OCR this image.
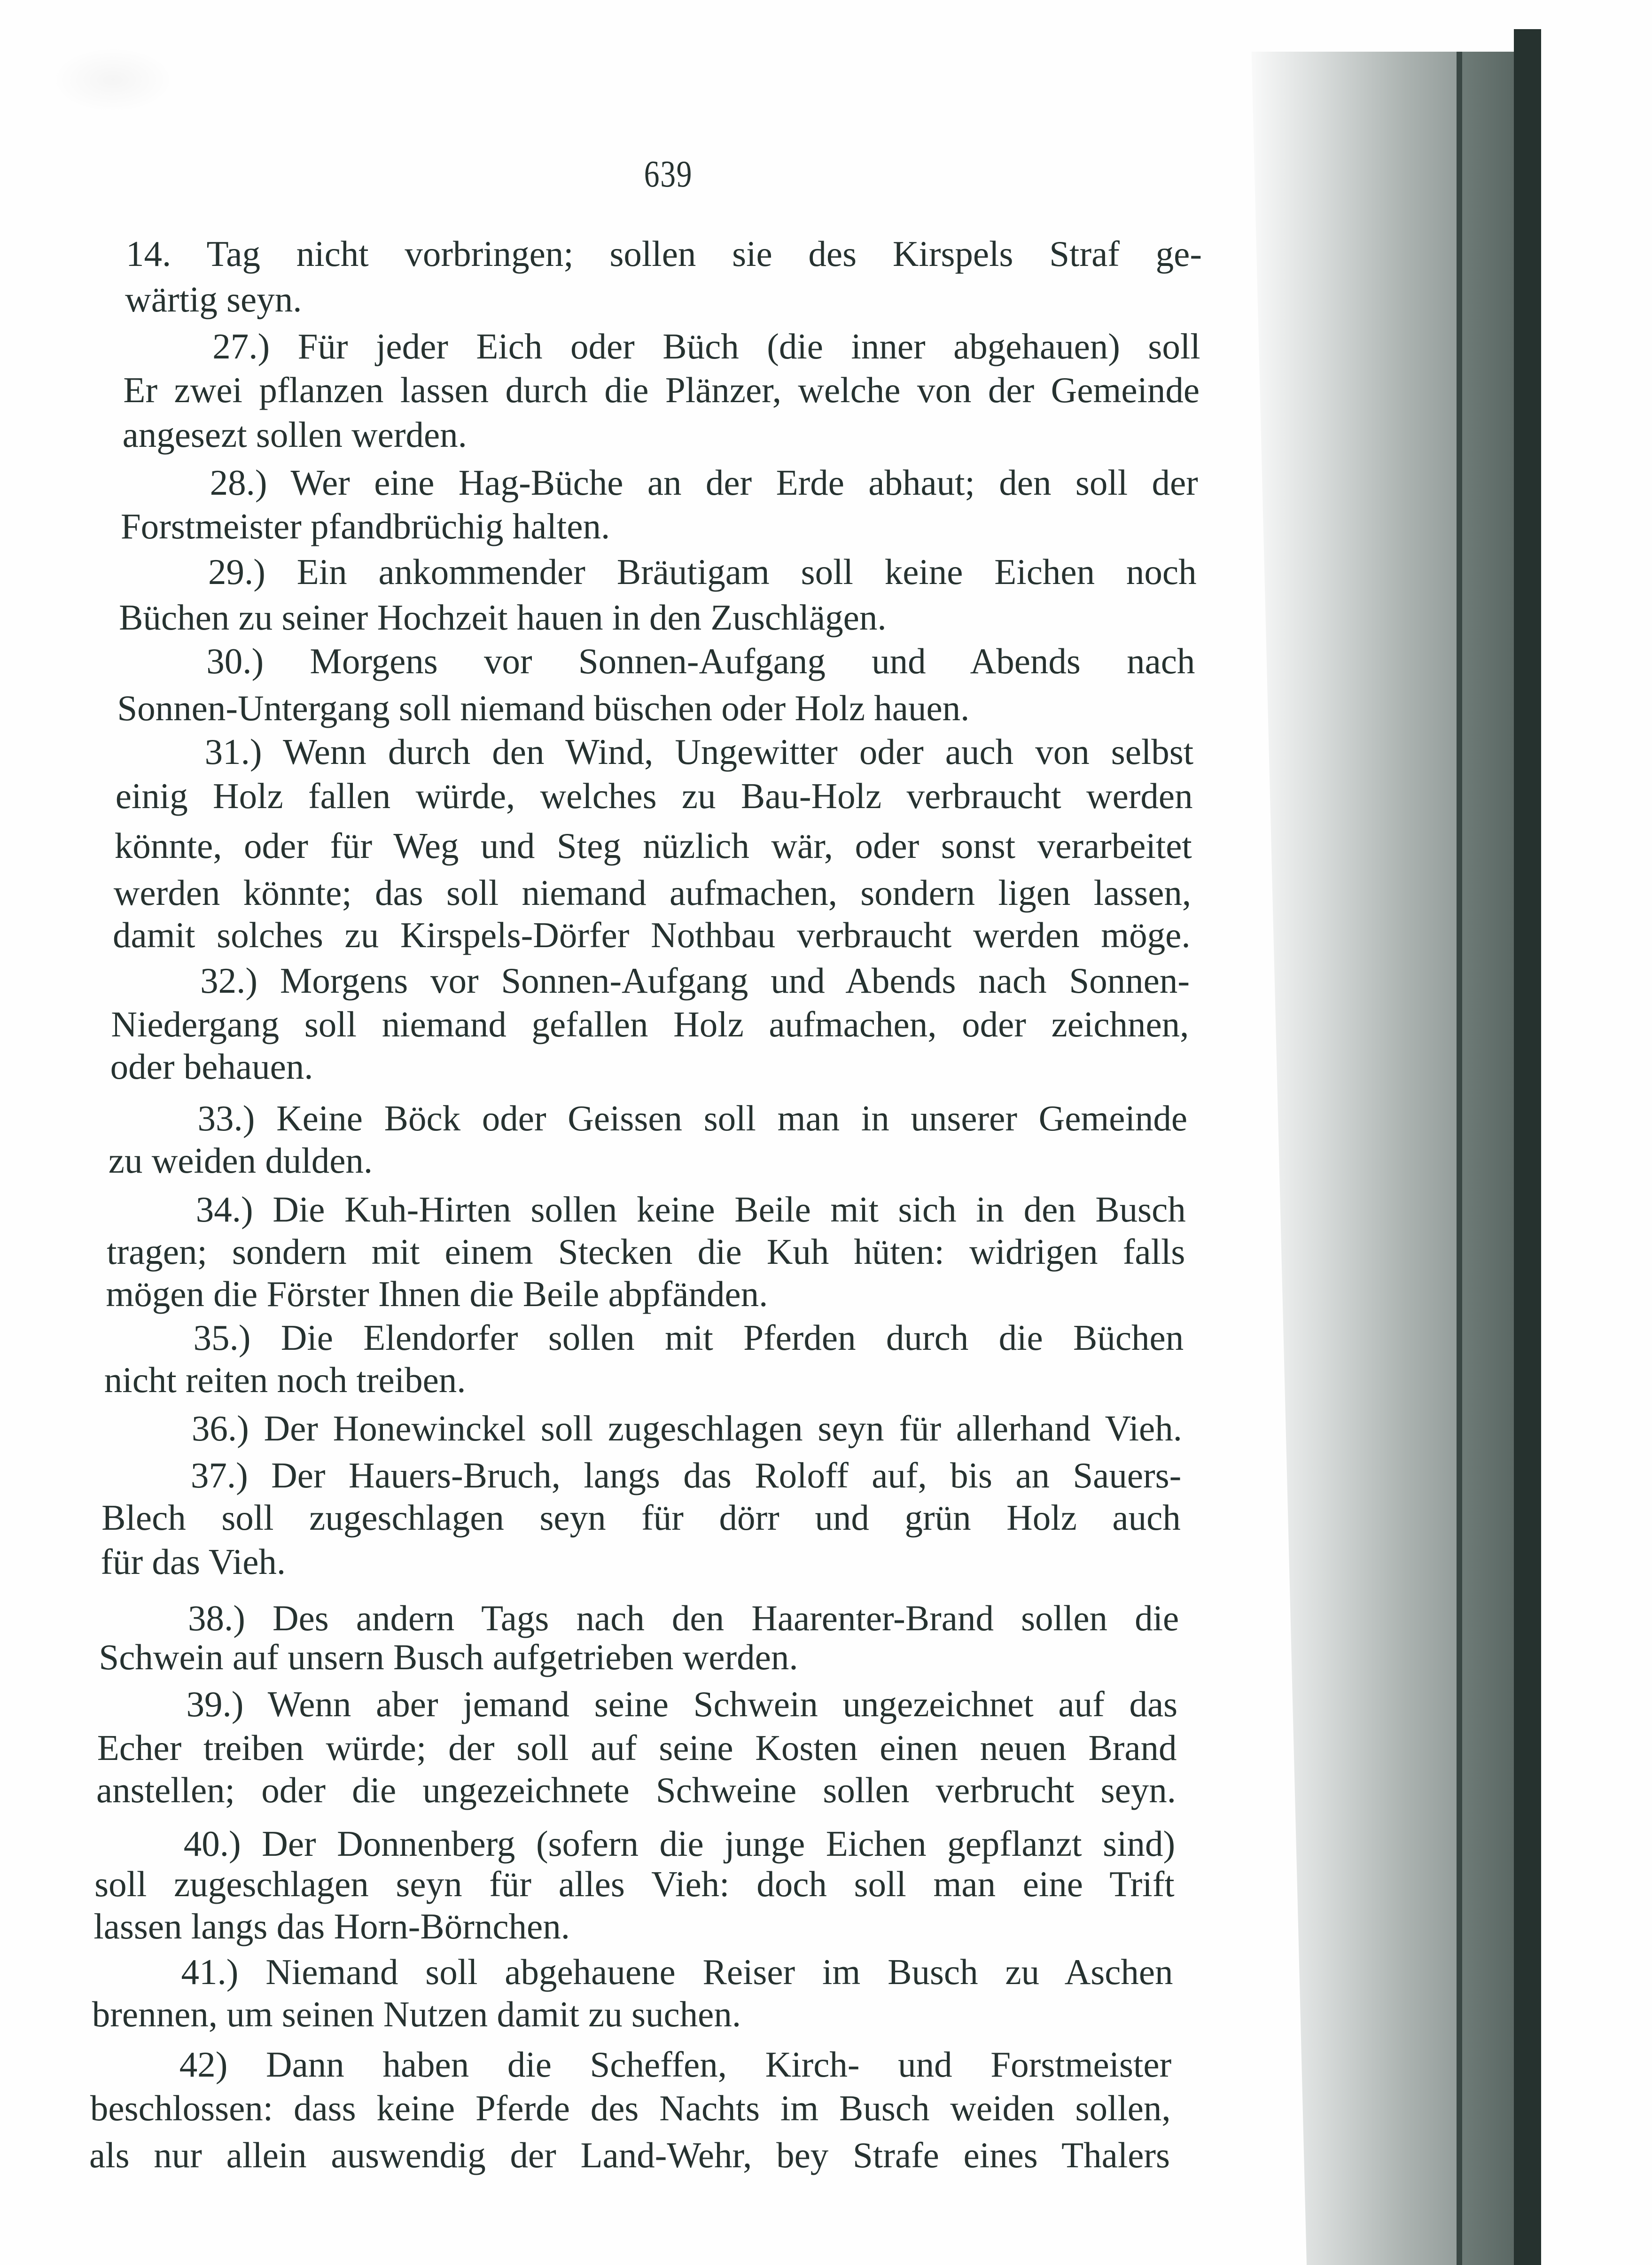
639
14. Tag nicht vorbringen; sollen sie des Kirspels Straf ge-
wärtig seyn.
27.) Für jeder Eich oder Büch (die inner abgehauen) soll
Er zwei pflanzen lassen durch die Plänzer, welche von der Gemeinde
angesezt sollen werden.
28.) Wer eine Hag-Büche an der Erde abhaut; den soll der
Forstmeister pfandbrüchig halten.
29.) Ein ankommender Bräutigam soll keine Eichen noch
Büchen zu seiner Hochzeit hauen in den Zuschlägen.
30.) Morgens vor Sonnen-Aufgang und Abends nach
Sonnen-Untergang soll niemand büschen oder Holz hauen.
31.) Wenn durch den Wind, Ungewitter oder auch von selbst
einig Holz fallen würde, welches zu Bau-Holz verbraucht werden
könnte, oder für Weg und Steg nüzlich wär, oder sonst verarbeitet
werden könnte; das soll niemand aufmachen, sondern ligen lassen,
damit solches zu Kirspels-Dörfer Nothbau verbraucht werden möge.
32.) Morgens vor Sonnen-Aufgang und Abends nach Sonnen-
Niedergang soll niemand gefallen Holz aufmachen, oder zeichnen,
oder behauen.
33.) Keine Böck oder Geissen soll man in unserer Gemeinde
zu weiden dulden.
34.) Die Kuh-Hirten sollen keine Beile mit sich in den Busch
tragen; sondern mit einem Stecken die Kuh hüten: widrigen falls
mögen die Förster Ihnen die Beile abpfänden.
35.) Die Elendorfer sollen mit Pferden durch die Büchen
nicht reiten noch treiben.
36.) Der Honewinckel soll zugeschlagen seyn für allerhand Vieh.
37.) Der Hauers-Bruch, langs das Roloff auf, bis an Sauers-
Blech soll zugeschlagen seyn für dörr und grün Holz auch
für das Vieh.
38.) Des andern Tags nach den Haarenter-Brand sollen die
Schwein auf unsern Busch aufgetrieben werden.
39.) Wenn aber jemand seine Schwein ungezeichnet auf das
Echer treiben würde; der soll auf seine Kosten einen neuen Brand
anstellen; oder die ungezeichnete Schweine sollen verbrucht seyn.
40.) Der Donnenberg (sofern die junge Eichen gepflanzt sind)
soll zugeschlagen seyn für alles Vieh: doch soll man eine Trift
lassen langs das Horn-Börnchen.
41.) Niemand soll abgehauene Reiser im Busch zu Aschen
brennen, um seinen Nutzen damit zu suchen.
42) Dann haben die Scheffen, Kirch- und Forstmeister
beschlossen: dass keine Pferde des Nachts im Busch weiden sollen,
als nur allein auswendig der Land-Wehr, bey Strafe eines Thalers
